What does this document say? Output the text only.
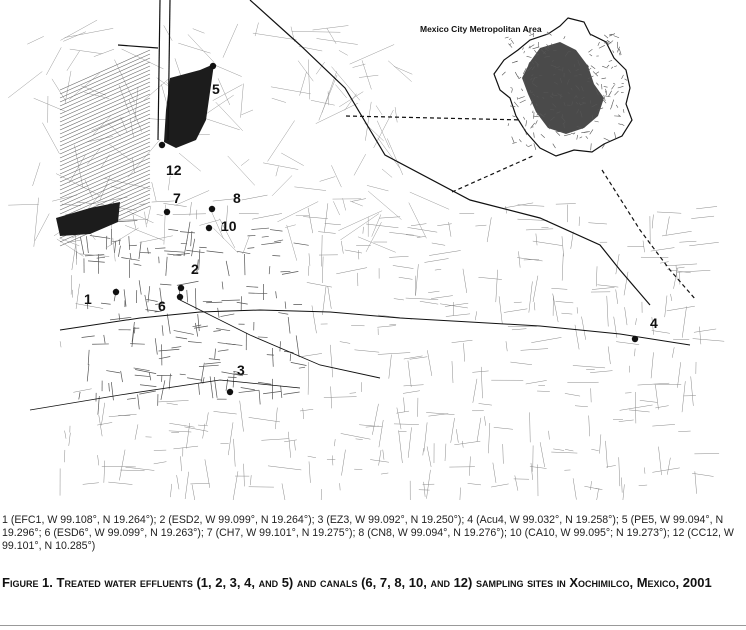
Mexico City Metropolitan Area
1
2
3
4
5
6
7	8
10
12
1 (EFC1, W 99.108°, N 19.264°); 2 (ESD2, W 99.099°, N 19.264°); 3 (EZ3, W 99.092°, N 19.250°); 4 (Acu4, W 99.032°, N 19.258°); 5 (PE5, W 99.094°, N 19.296°; 6 (ESD6°, W 99.099°, N 19.263°); 7 (CH7, W 99.101°, N 19.275°); 8 (CN8, W 99.094°, N 19.276°); 10 (CA10, W 99.095°; N 19.273°); 12 (CC12, W 99.101°, N 10.285°)
Figure 1. Treated water effluents (1, 2, 3, 4, and 5) and canals (6, 7, 8, 10, and 12) sampling sites in Xochimilco, Mexico, 2001
